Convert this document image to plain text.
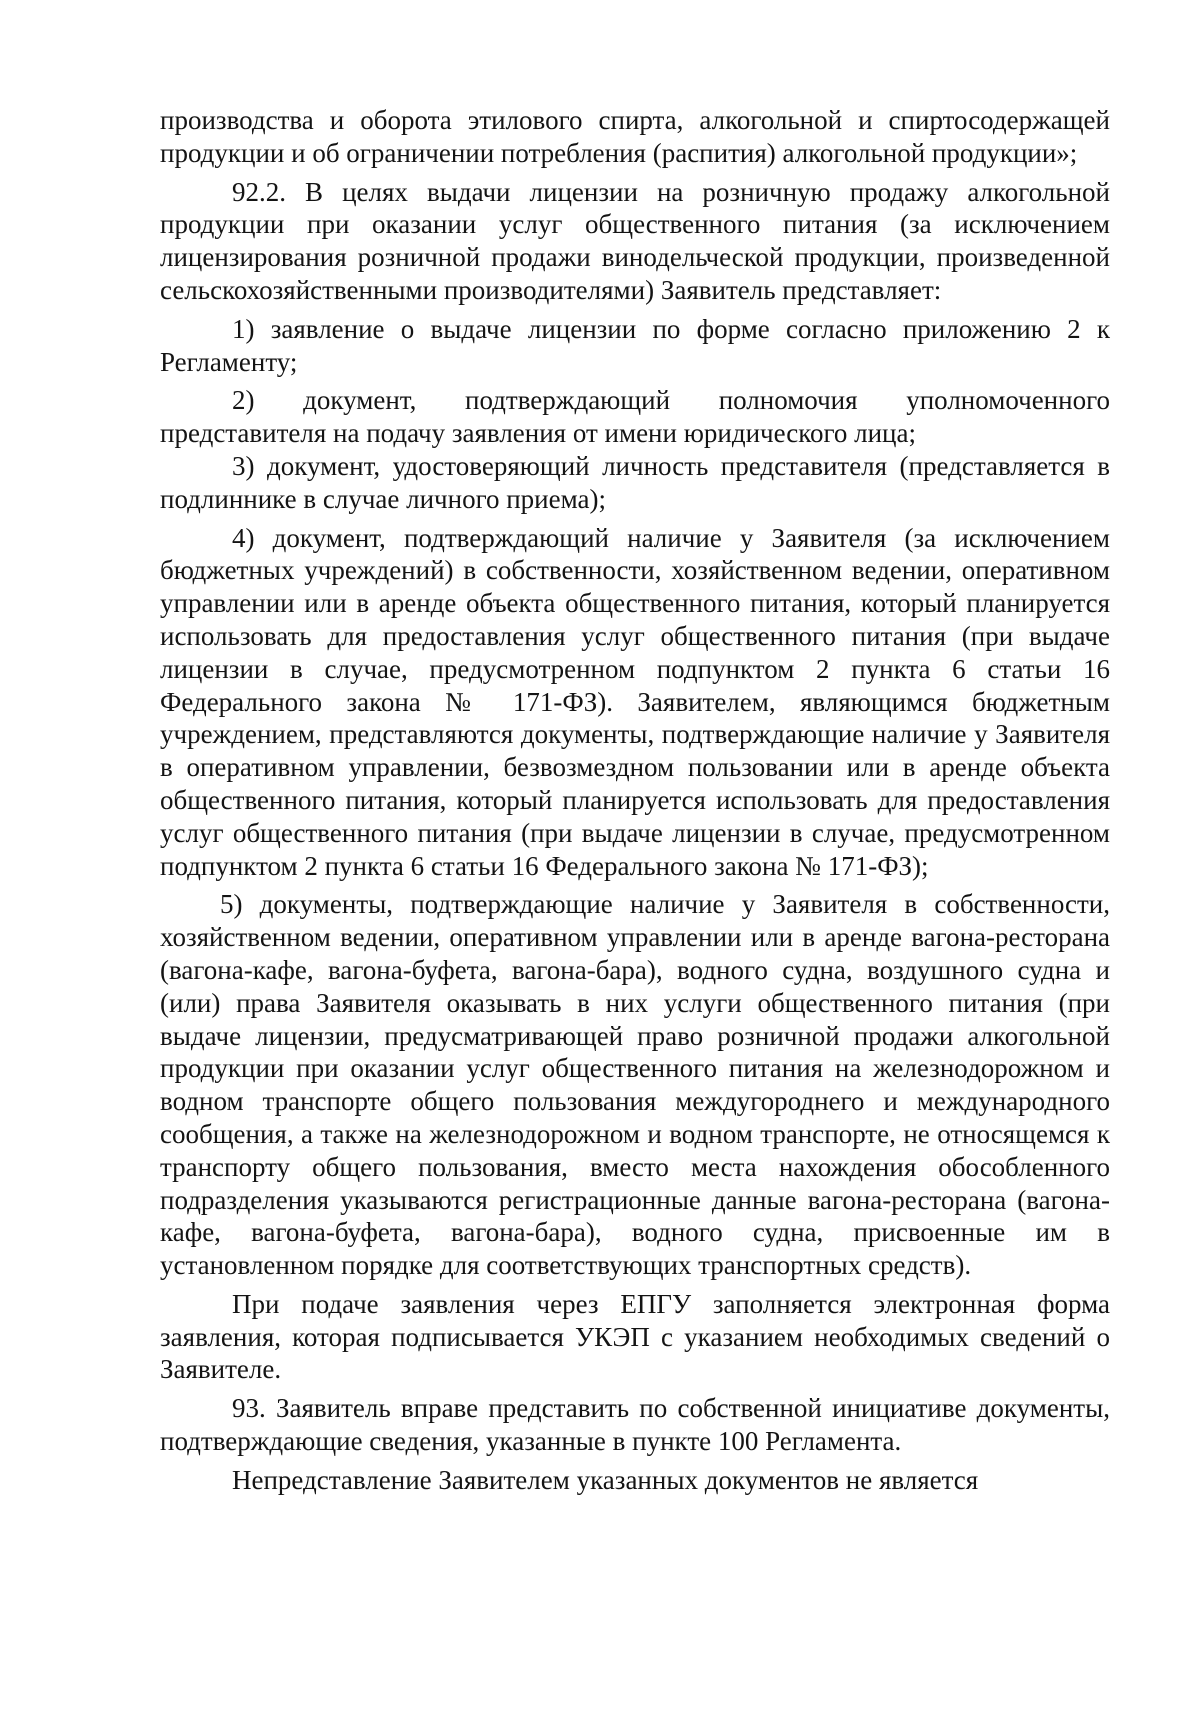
производства и оборота этилового спирта, алкогольной и спиртосодержащей продукции и об ограничении потребления (распития) алкогольной продукции»;

92.2. В целях выдачи лицензии на розничную продажу алкогольной продукции при оказании услуг общественного питания (за исключением лицензирования розничной продажи винодельческой продукции, произведенной сельскохозяйственными производителями) Заявитель представляет:

1) заявление о выдаче лицензии по форме согласно приложению 2 к Регламенту;

2) документ, подтверждающий полномочия уполномоченного представителя на подачу заявления от имени юридического лица;

3) документ, удостоверяющий личность представителя (представляется в подлиннике в случае личного приема);

4) документ, подтверждающий наличие у Заявителя (за исключением бюджетных учреждений) в собственности, хозяйственном ведении, оперативном управлении или в аренде объекта общественного питания, который планируется использовать для предоставления услуг общественного питания (при выдаче лицензии в случае, предусмотренном подпунктом 2 пункта 6 статьи 16 Федерального закона № 171-ФЗ). Заявителем, являющимся бюджетным учреждением, представляются документы, подтверждающие наличие у Заявителя в оперативном управлении, безвозмездном пользовании или в аренде объекта общественного питания, который планируется использовать для предоставления услуг общественного питания (при выдаче лицензии в случае, предусмотренном подпунктом 2 пункта 6 статьи 16 Федерального закона № 171-ФЗ);

5) документы, подтверждающие наличие у Заявителя в собственности, хозяйственном ведении, оперативном управлении или в аренде вагона-ресторана (вагона-кафе, вагона-буфета, вагона-бара), водного судна, воздушного судна и (или) права Заявителя оказывать в них услуги общественного питания (при выдаче лицензии, предусматривающей право розничной продажи алкогольной продукции при оказании услуг общественного питания на железнодорожном и водном транспорте общего пользования междугороднего и международного сообщения, а также на железнодорожном и водном транспорте, не относящемся к транспорту общего пользования, вместо места нахождения обособленного подразделения указываются регистрационные данные вагона-ресторана (вагона-кафе, вагона-буфета, вагона-бара), водного судна, присвоенные им в установленном порядке для соответствующих транспортных средств).

При подаче заявления через ЕПГУ заполняется электронная форма заявления, которая подписывается УКЭП с указанием необходимых сведений о Заявителе.

93. Заявитель вправе представить по собственной инициативе документы, подтверждающие сведения, указанные в пункте 100 Регламента.

Непредставление Заявителем указанных документов не является
